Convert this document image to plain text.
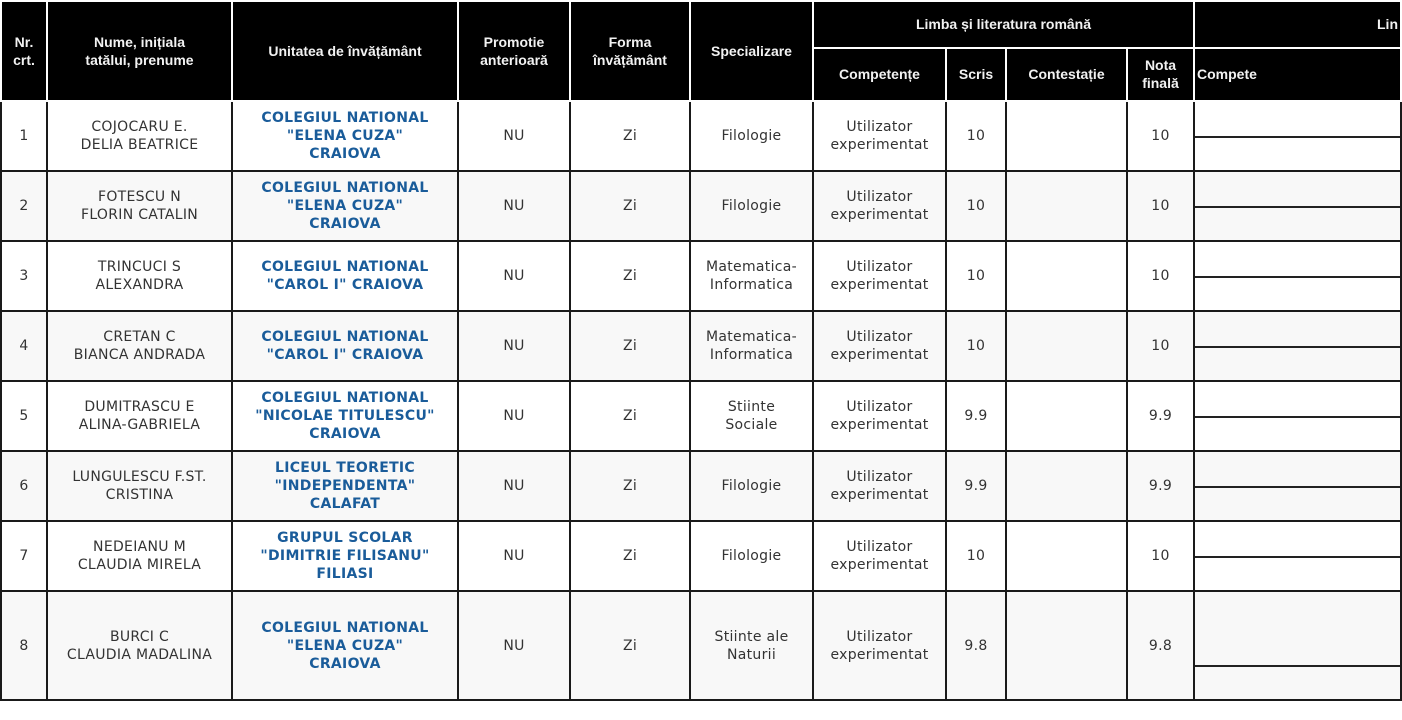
Nr.
crt.	Nume, inițiala
tatălui, prenume	Unitatea de învățământ	Promotie
anterioară	Forma
învățământ	Specializare	Limba și literatura română				Lin
						Competențe	Scris	Contestație	Nota
finală	Compete
1	COJOCARU E.
DELIA BEATRICE	COLEGIUL NATIONAL
"ELENA CUZA"
CRAIOVA	NU	Zi	Filologie	Utilizator
experimentat	10		10	

2	FOTESCU N
FLORIN CATALIN	COLEGIUL NATIONAL
"ELENA CUZA"
CRAIOVA	NU	Zi	Filologie	Utilizator
experimentat	10		10	

3	TRINCUCI S
ALEXANDRA	COLEGIUL NATIONAL
"CAROL I" CRAIOVA	NU	Zi	Matematica-
Informatica	Utilizator
experimentat	10		10	

4	CRETAN C
BIANCA ANDRADA	COLEGIUL NATIONAL
"CAROL I" CRAIOVA	NU	Zi	Matematica-
Informatica	Utilizator
experimentat	10		10	

5	DUMITRASCU E
ALINA-GABRIELA	COLEGIUL NATIONAL
"NICOLAE TITULESCU"
CRAIOVA	NU	Zi	Stiinte
Sociale	Utilizator
experimentat	9.9		9.9	

6	LUNGULESCU F.ST.
CRISTINA	LICEUL TEORETIC
"INDEPENDENTA"
CALAFAT	NU	Zi	Filologie	Utilizator
experimentat	9.9		9.9	

7	NEDEIANU M
CLAUDIA MIRELA	GRUPUL SCOLAR
"DIMITRIE FILISANU"
FILIASI	NU	Zi	Filologie	Utilizator
experimentat	10		10	

8	BURCI C
CLAUDIA MADALINA	COLEGIUL NATIONAL
"ELENA CUZA"
CRAIOVA	NU	Zi	Stiinte ale
Naturii	Utilizator
experimentat	9.8		9.8	
